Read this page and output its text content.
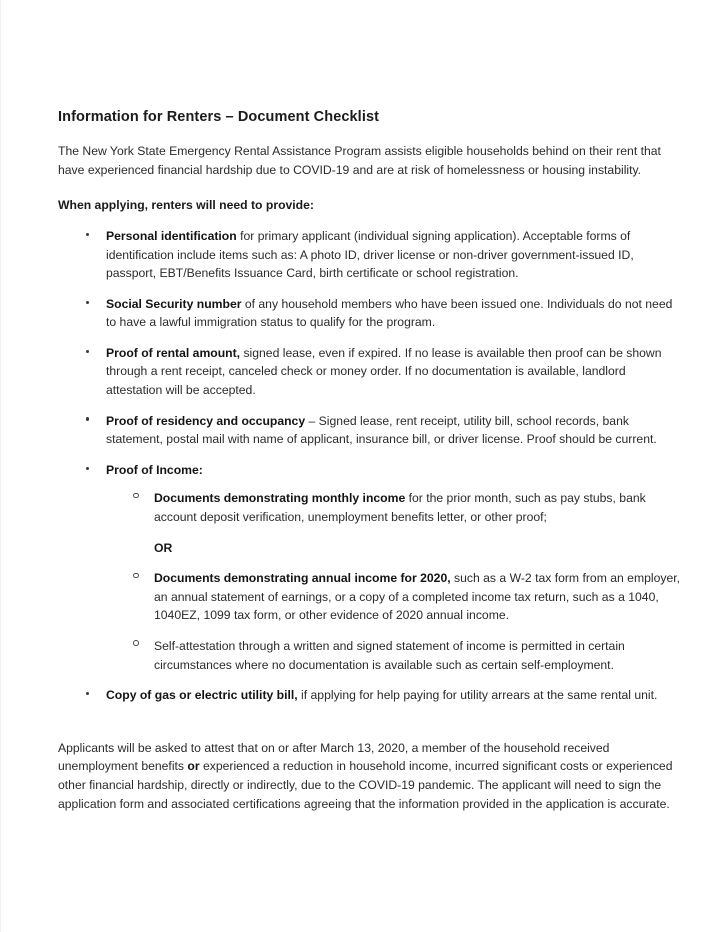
Information for Renters – Document Checklist

The New York State Emergency Rental Assistance Program assists eligible households behind on their rent that have experienced financial hardship due to COVID-19 and are at risk of homelessness or housing instability.

When applying, renters will need to provide:

Personal identification for primary applicant (individual signing application). Acceptable forms of identification include items such as: A photo ID, driver license or non-driver government-issued ID, passport, EBT/Benefits Issuance Card, birth certificate or school registration.
Social Security number of any household members who have been issued one. Individuals do not need to have a lawful immigration status to qualify for the program.
Proof of rental amount, signed lease, even if expired. If no lease is available then proof can be shown through a rent receipt, canceled check or money order. If no documentation is available, landlord attestation will be accepted.
Proof of residency and occupancy – Signed lease, rent receipt, utility bill, school records, bank statement, postal mail with name of applicant, insurance bill, or driver license. Proof should be current.
Proof of Income:
Documents demonstrating monthly income for the prior month, such as pay stubs, bank account deposit verification, unemployment benefits letter, or other proof;

OR

Documents demonstrating annual income for 2020, such as a W-2 tax form from an employer, an annual statement of earnings, or a copy of a completed income tax return, such as a 1040, 1040EZ, 1099 tax form, or other evidence of 2020 annual income.
Self-attestation through a written and signed statement of income is permitted in certain circumstances where no documentation is available such as certain self-employment.
Copy of gas or electric utility bill, if applying for help paying for utility arrears at the same rental unit.

Applicants will be asked to attest that on or after March 13, 2020, a member of the household received unemployment benefits or experienced a reduction in household income, incurred significant costs or experienced other financial hardship, directly or indirectly, due to the COVID-19 pandemic. The applicant will need to sign the application form and associated certifications agreeing that the information provided in the application is accurate.
